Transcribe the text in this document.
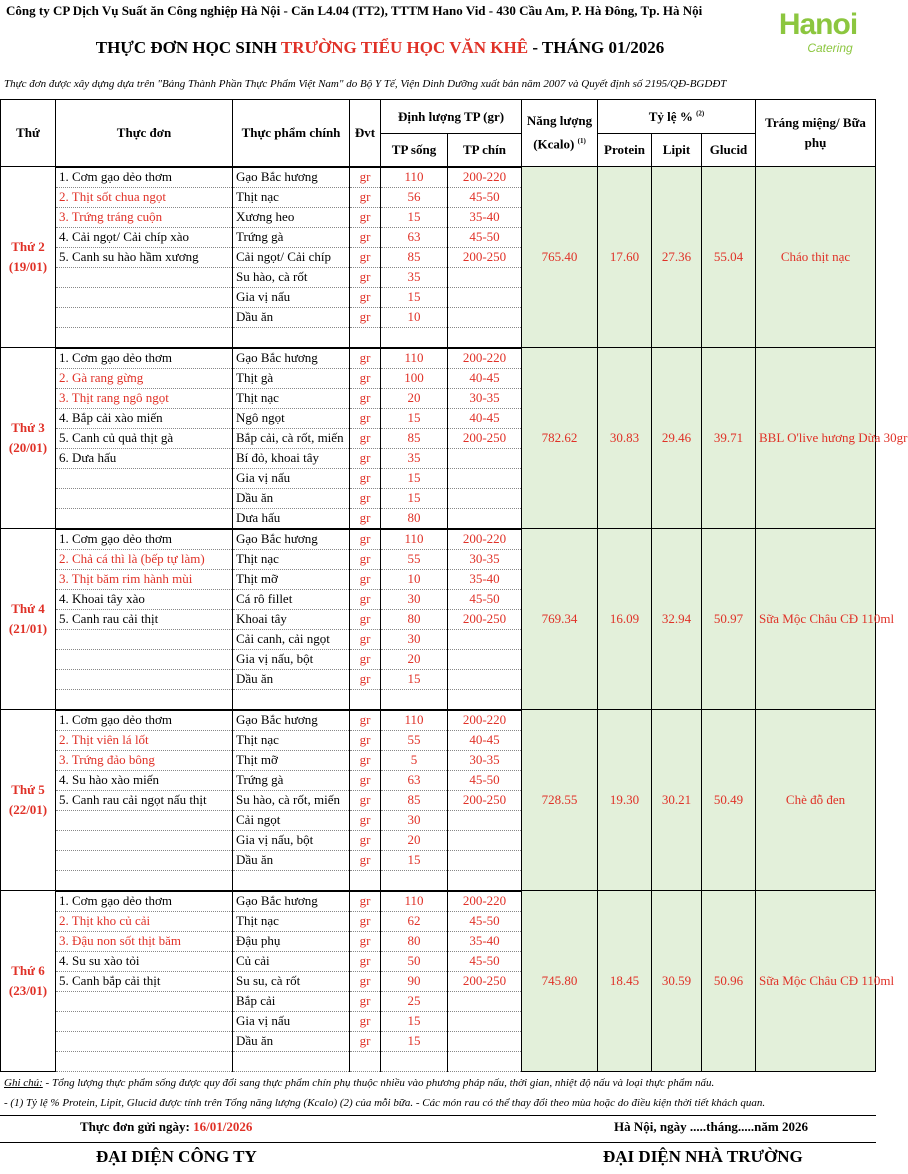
Công ty CP Dịch Vụ Suất ăn Công nghiệp Hà Nội - Căn L4.04 (TT2), TTTM Hano Vid - 430 Cầu Am, P. Hà Đông, Tp. Hà Nội
THỰC ĐƠN HỌC SINH TRƯỜNG TIỂU HỌC VĂN KHÊ - THÁNG 01/2026
Hanoi
Catering
Thực đơn được xây dựng dựa trên "Bảng Thành Phần Thực Phẩm Việt Nam" do Bộ Y Tế, Viện Dinh Dưỡng xuất bản năm 2007 và Quyết định số 2195/QĐ-BGDĐT
Thứ	Thực đơn	Thực phẩm chính	Đvt	Định lượng TP (gr)		Năng lượng (Kcalo) $^{(1)}$	Tỷ lệ % $^{(2)}$			Tráng miệng/ Bữa phụ
				TP sống	TP chín		Protein	Lipit	Glucid	

Thứ 2
(19/01)	1. Cơm gạo dẻo thơm	Gạo Bắc hương	gr	110	200-220	765.40	17.60	27.36	55.04	Cháo thịt nạc
	2. Thịt sốt chua ngọt	Thịt nạc	gr	56	45-50					
	3. Trứng tráng cuộn	Xương heo	gr	15	35-40					
	4. Cải ngọt/ Cải chíp xào	Trứng gà	gr	63	45-50					
	5. Canh su hào hầm xương	Cải ngọt/ Cải chíp	gr	85	200-250					
		Su hào, cà rốt	gr	35						
		Gia vị nấu	gr	15						
		Dầu ăn	gr	10						

Thứ 3
(20/01)	1. Cơm gạo dẻo thơm	Gạo Bắc hương	gr	110	200-220	782.62	30.83	29.46	39.71	BBL O'live hương Dừa 30gr
	2. Gà rang gừng	Thịt gà	gr	100	40-45					
	3. Thịt rang ngô ngọt	Thịt nạc	gr	20	30-35					
	4. Bắp cải xào miến	Ngô ngọt	gr	15	40-45					
	5. Canh củ quả thịt gà	Bắp cải, cà rốt, miến	gr	85	200-250					
	6. Dưa hấu	Bí đỏ, khoai tây	gr	35						
		Gia vị nấu	gr	15						
		Dầu ăn	gr	15						
		Dưa hấu	gr	80						

Thứ 4
(21/01)	1. Cơm gạo dẻo thơm	Gạo Bắc hương	gr	110	200-220	769.34	16.09	32.94	50.97	Sữa Mộc Châu CĐ 110ml
	2. Chả cá thì là (bếp tự làm)	Thịt nạc	gr	55	30-35					
	3. Thịt băm rim hành mùi	Thịt mỡ	gr	10	35-40					
	4. Khoai tây xào	Cá rô fillet	gr	30	45-50					
	5. Canh rau cải thịt	Khoai tây	gr	80	200-250					
		Cải canh, cải ngọt	gr	30						
		Gia vị nấu, bột	gr	20						
		Dầu ăn	gr	15						

Thứ 5
(22/01)	1. Cơm gạo dẻo thơm	Gạo Bắc hương	gr	110	200-220	728.55	19.30	30.21	50.49	Chè đỗ đen
	2. Thịt viên lá lốt	Thịt nạc	gr	55	40-45					
	3. Trứng đảo bông	Thịt mỡ	gr	5	30-35					
	4. Su hào xào miến	Trứng gà	gr	63	45-50					
	5. Canh rau cải ngọt nấu thịt	Su hào, cà rốt, miến	gr	85	200-250					
		Cải ngọt	gr	30						
		Gia vị nấu, bột	gr	20						
		Dầu ăn	gr	15						

Thứ 6
(23/01)	1. Cơm gạo dẻo thơm	Gạo Bắc hương	gr	110	200-220	745.80	18.45	30.59	50.96	Sữa Mộc Châu CĐ 110ml
	2. Thịt kho củ cải	Thịt nạc	gr	62	45-50					
	3. Đậu non sốt thịt băm	Đậu phụ	gr	80	35-40					
	4. Su su xào tỏi	Củ cải	gr	50	45-50					
	5. Canh bắp cải thịt	Su su, cà rốt	gr	90	200-250					
		Bắp cải	gr	25						
		Gia vị nấu	gr	15						
		Dầu ăn	gr	15						

Ghi chú: - Tổng lượng thực phẩm sống được quy đổi sang thực phẩm chín phụ thuộc nhiều vào phương pháp nấu, thời gian, nhiệt độ nấu và loại thực phẩm nấu.
- (1) Tỷ lệ % Protein, Lipit, Glucid được tính trên Tổng năng lượng (Kcalo) (2) của mỗi bữa. - Các món rau có thể thay đổi theo mùa hoặc do điều kiện thời tiết khách quan.
Thực đơn gửi ngày: 16/01/2026	Hà Nội, ngày .....tháng.....năm 2026
ĐẠI DIỆN CÔNG TY	ĐẠI DIỆN NHÀ TRƯỜNG
